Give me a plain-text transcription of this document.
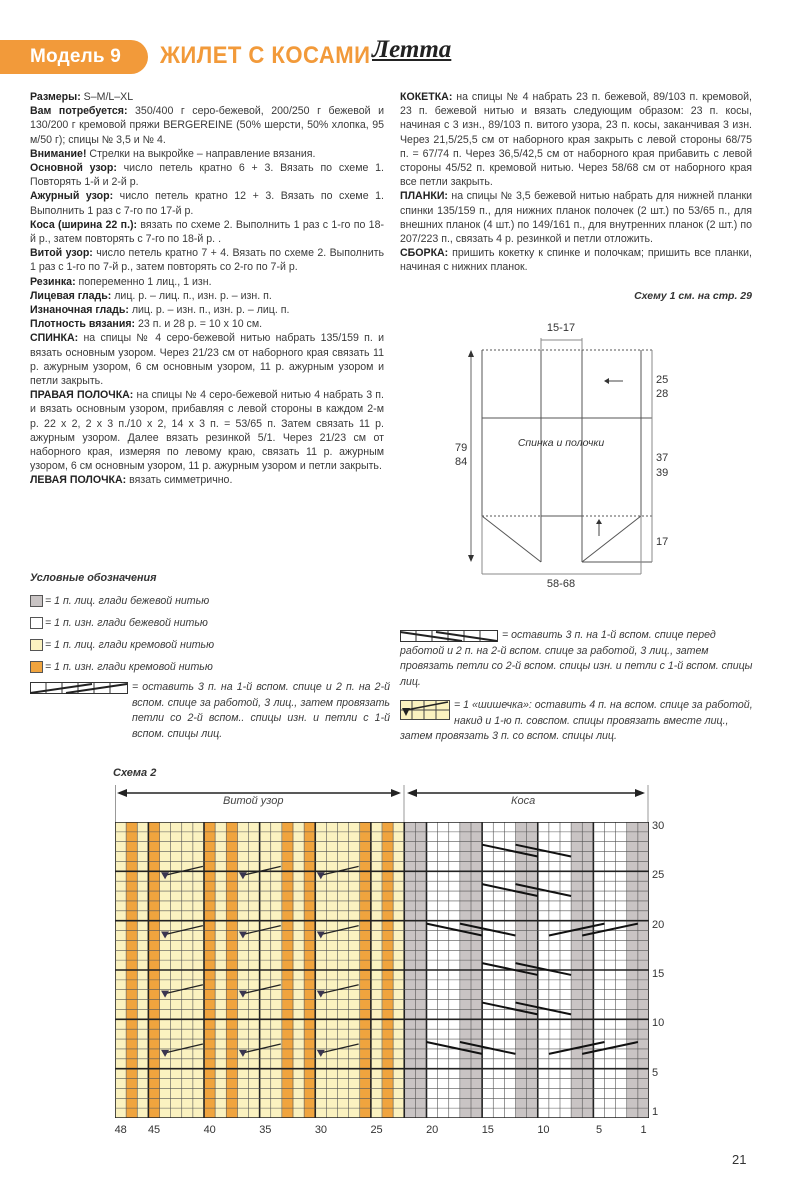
Модель 9	ЖИЛЕТ С КОСАМИ Летта

Размеры: S–M/L–XL

Вам потребуется: 350/400 г серо-бежевой, 200/250 г бежевой и 130/200 г кремовой пряжи BERGEREINE (50% шерсти, 50% хлопка, 95 м/50 г); спицы № 3,5 и № 4.

Внимание! Стрелки на выкройке – направление вязания.

Основной узор: число петель кратно 6 + 3. Вязать по схеме 1. Повторять 1-й и 2-й р.

Ажурный узор: число петель кратно 12 + 3. Вязать по схеме 1. Выполнить 1 раз с 7-го по 17-й р.

Коса (ширина 22 п.): вязать по схеме 2. Выполнить 1 раз с 1-го по 18-й р., затем повторять с 7-го по 18-й р. .

Витой узор: число петель кратно 7 + 4. Вязать по схеме 2. Выполнить 1 раз с 1-го по 7-й р., затем повторять со 2-го по 7-й р.

Резинка: попеременно 1 лиц., 1 изн.

Лицевая гладь: лиц. р. – лиц. п., изн. р. – изн. п.

Изнаночная гладь: лиц. р. – изн. п., изн. р. – лиц. п.

Плотность вязания: 23 п. и 28 р. = 10 х 10 см.

СПИНКА: на спицы № 4 серо-бежевой нитью набрать 135/159 п. и вязать основным узором. Через 21/23 см от наборного края связать 11 р. ажурным узором, 6 см основным узором, 11 р. ажурным узором и петли закрыть.

ПРАВАЯ ПОЛОЧКА: на спицы № 4 серо-бежевой нитью 4 набрать 3 п. и вязать основным узором, прибавляя с левой стороны в каждом 2-м р. 22 х 2, 2 х 3 п./10 х 2, 14 х 3 п. = 53/65 п. Затем связать 11 р. ажурным узором. Далее вязать резинкой 5/1. Через 21/23 см от наборного края, измеряя по левому краю, связать 11 р. ажурным узором, 6 см основным узором, 11 р. ажурным узором и петли закрыть.

ЛЕВАЯ ПОЛОЧКА: вязать симметрично.

КОКЕТКА: на спицы № 4 набрать 23 п. бежевой, 89/103 п. кремовой, 23 п. бежевой нитью и вязать следующим образом: 23 п. косы, начиная с 3 изн., 89/103 п. витого узора, 23 п. косы, заканчивая 3 изн. Через 21,5/25,5 см от наборного края закрыть с левой стороны 68/75 п. = 67/74 п. Через 36,5/42,5 см от наборного края прибавить с левой стороны 45/52 п. кремовой нитью. Через 58/68 см от наборного края все петли закрыть.

ПЛАНКИ: на спицы № 3,5 бежевой нитью набрать для нижней планки спинки 135/159 п., для нижних планок полочек (2 шт.) по 53/65 п., для внешних планок (4 шт.) по 149/161 п., для внутренних планок (2 шт.) по 207/223 п., связать 4 р. резинкой и петли отложить.

СБОРКА: пришить кокетку к спинке и полочкам; пришить все планки, начиная с нижних планок.

Схему 1 см. на стр. 29
15-17
58-68
79
84
25
28
37
39
17
Спинка и полочки
Условные обозначения
= 1 п. лиц. глади бежевой нитью
= 1 п. изн. глади бежевой нитью
= 1 п. лиц. глади кремовой нитью
= 1 п. изн. глади кремовой нитью
= оставить 3 п. на 1-й вспом. спице и 2 п. на 2-й вспом. спице за работой, 3 лиц., затем провязать петли со 2-й вспом.. спицы изн. и петли с 1-й вспом. спицы лиц.
= оставить 3 п. на 1-й вспом. спице перед работой и 2 п. на 2-й вспом. спице за работой, 3 лиц., затем провязать петли со 2-й вспом. спицы изн. и петли с 1-й вспом. спицы лиц.
= 1 «шишечка»: оставить 4 п. на вспом. спице за работой, накид и 1-ю п. совспом. спицы провязать вместе лиц., затем провязать 3 п. со вспом. спицы лиц.
Схема 2
Витой узор	Коса
1
5
10
15
20
25
30
48 45	40	35	30	25	20	15	10	5	1
21
